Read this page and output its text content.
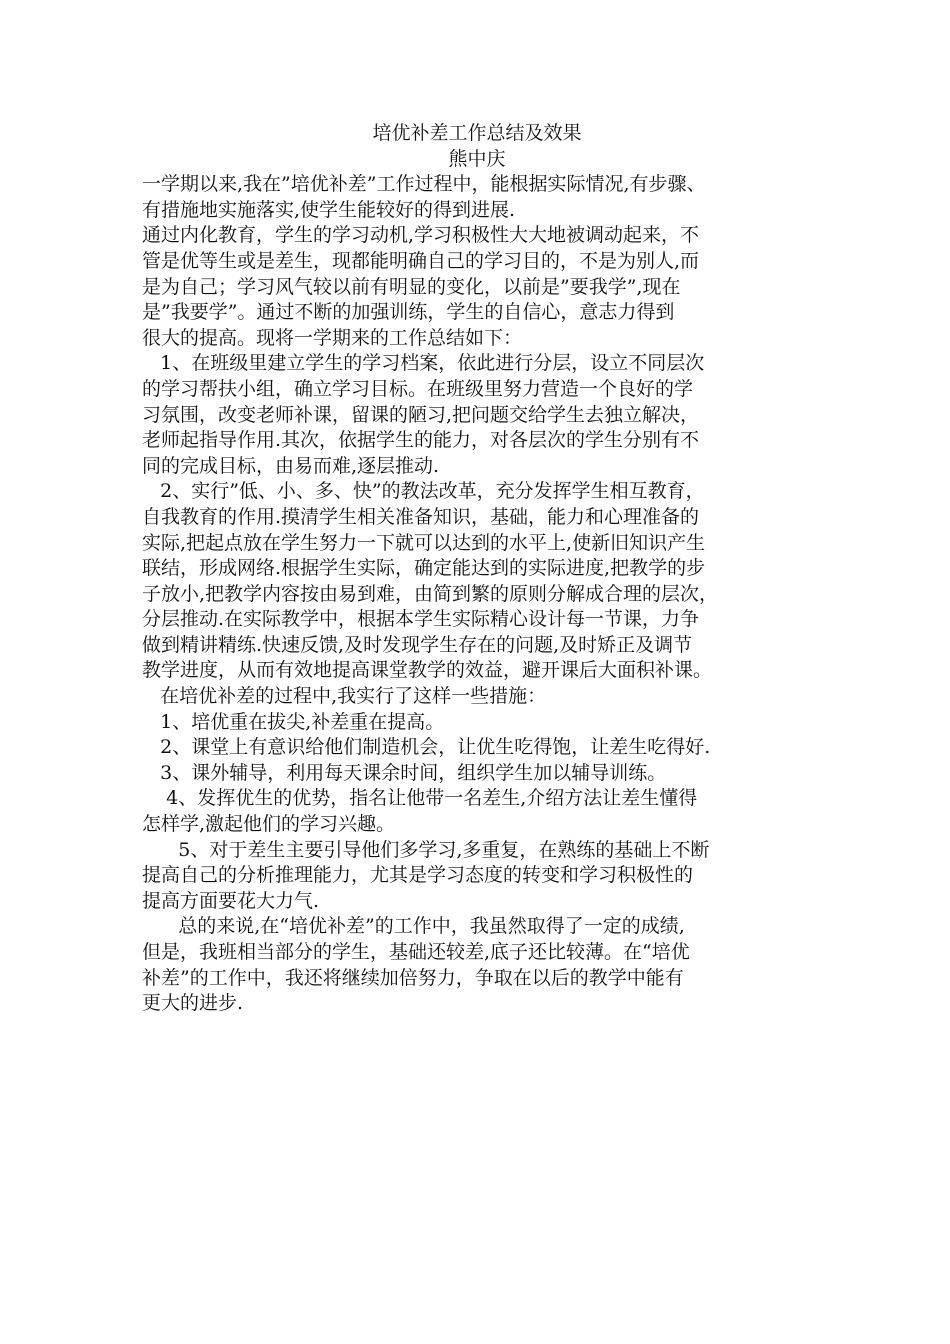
培优补差工作总结及效果
熊中庆
一学期以来,我在”培优补差”工作过程中，能根据实际情况,有步骤、
有措施地实施落实,使学生能较好的得到进展.
通过内化教育，学生的学习动机,学习积极性大大地被调动起来，不
管是优等生或是差生，现都能明确自己的学习目的，不是为别人,而
是为自己；学习风气较以前有明显的变化，以前是”要我学”,现在
是”我要学”。通过不断的加强训练，学生的自信心，意志力得到
很大的提高。现将一学期来的工作总结如下：
1、在班级里建立学生的学习档案，依此进行分层，设立不同层次
的学习帮扶小组，确立学习目标。在班级里努力营造一个良好的学
习氛围，改变老师补课，留课的陋习,把问题交给学生去独立解决，
老师起指导作用.其次，依据学生的能力，对各层次的学生分别有不
同的完成目标，由易而难,逐层推动.
2、实行”低、小、多、快”的教法改革，充分发挥学生相互教育，
自我教育的作用.摸清学生相关准备知识，基础，能力和心理准备的
实际,把起点放在学生努力一下就可以达到的水平上,使新旧知识产生
联结，形成网络.根据学生实际，确定能达到的实际进度,把教学的步
子放小,把教学内容按由易到难，由简到繁的原则分解成合理的层次，
分层推动.在实际教学中，根据本学生实际精心设计每一节课，力争
做到精讲精练.快速反馈,及时发现学生存在的问题,及时矫正及调节
教学进度，从而有效地提高课堂教学的效益，避开课后大面积补课。
在培优补差的过程中,我实行了这样一些措施：
1、培优重在拔尖,补差重在提高。
2、课堂上有意识给他们制造机会，让优生吃得饱，让差生吃得好.
3、课外辅导，利用每天课余时间，组织学生加以辅导训练。
4、发挥优生的优势，指名让他带一名差生,介绍方法让差生懂得
怎样学,激起他们的学习兴趣。
5、对于差生主要引导他们多学习,多重复，在熟练的基础上不断
提高自己的分析推理能力，尤其是学习态度的转变和学习积极性的
提高方面要花大力气.
总的来说,在“培优补差”的工作中，我虽然取得了一定的成绩,
但是，我班相当部分的学生，基础还较差,底子还比较薄。在“培优
补差”的工作中，我还将继续加倍努力，争取在以后的教学中能有
更大的进步.
